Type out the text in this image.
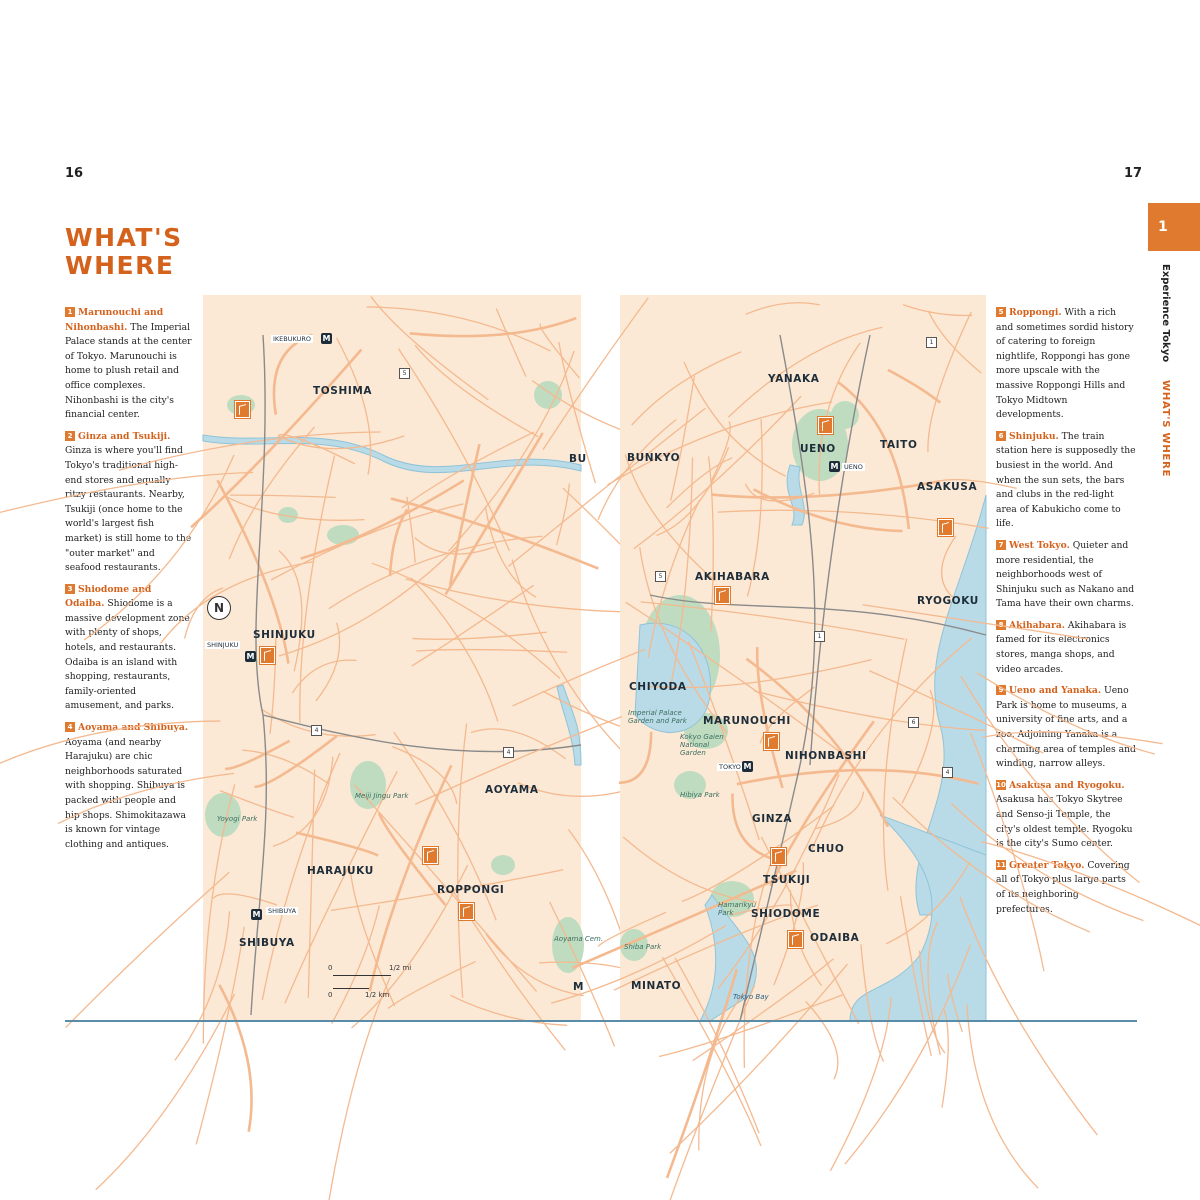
16	17
WHAT'S
WHERE
1
Experience Tokyo WHAT'S WHERE

1 Marunouchi and Nihonbashi. The Imperial Palace stands at the center of Tokyo. Marunouchi is home to plush retail and office complexes. Nihonbashi is the city's financial center.

2 Ginza and Tsukiji. Ginza is where you'll find Tokyo's traditional high-end stores and equally ritzy restaurants. Nearby, Tsukiji (once home to the world's largest fish market) is still home to the "outer market" and seafood restaurants.

3 Shiodome and Odaiba. Shiodome is a massive development zone with plenty of shops, hotels, and restaurants. Odaiba is an island with shopping, restaurants, family-oriented amusement, and parks.

4 Aoyama and Shibuya. Aoyama (and nearby Harajuku) are chic neighborhoods saturated with shopping. Shibuya is packed with people and hip shops. Shimokitazawa is known for vintage clothing and antiques.

5 Roppongi. With a rich and sometimes sordid history of catering to foreign nightlife, Roppongi has gone more upscale with the massive Roppongi Hills and Tokyo Midtown developments.

6 Shinjuku. The train station here is supposedly the busiest in the world. And when the sun sets, the bars and clubs in the red-light area of Kabukicho come to life.

7 West Tokyo. Quieter and more residential, the neighborhoods west of Shinjuku such as Nakano and Tama have their own charms.

8 Akihabara. Akihabara is famed for its electronics stores, manga shops, and video arcades.

9 Ueno and Yanaka. Ueno Park is home to museums, a university of fine arts, and a zoo. Adjoining Yanaka is a charming area of temples and winding, narrow alleys.

10 Asakusa and Ryogoku. Asakusa has Tokyo Skytree and Senso-ji Temple, the city's oldest temple. Ryogoku is the city's Sumo center.

11 Greater Tokyo. Covering all of Tokyo plus large parts of its neighboring prefectures.

TOSHIMA
SHINJUKU
AOYAMA
HARAJUKU
ROPPONGI
SHIBUYA
BU
M
IKEBUKURO M
SHINJUKU
M
SHIBUYA
M
Meiji Jingu Park
Yoyogi Park
Aoyama Cem.
5
4
4
0	1/2 mi
0	1/2 km
N
YANAKA
UENO	TAITO
BUNKYO
ASAKUSA
AKIHABARA
RYOGOKU
CHIYODA
MARUNOUCHI
NIHONBASHI
GINZA
CHUO
TSUKIJI
SHIODOME
ODAIBA
MINATO
M UENO
TOKYO M
Imperial Palace Garden and Park
Kokyo Gaien National Garden
Hibiya Park
Hamarikyu Park
Shiba Park
Tokyo Bay
1
5
1
6
4
